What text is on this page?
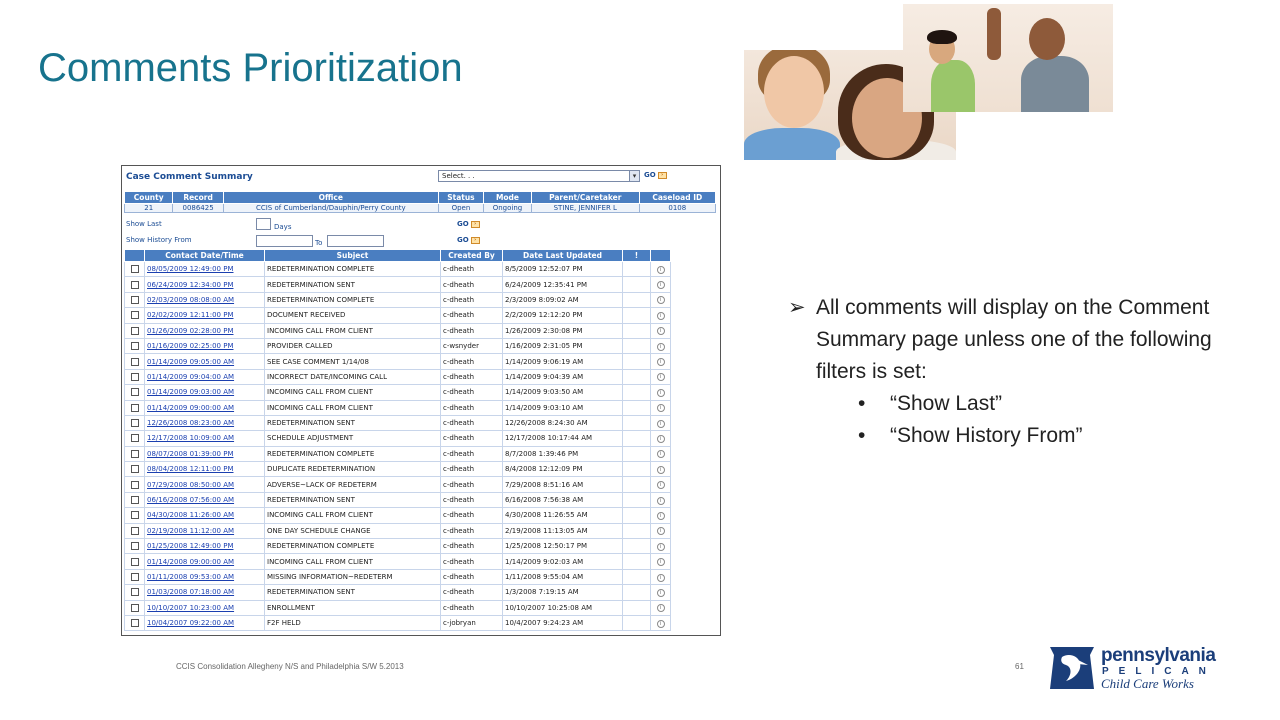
Comments Prioritization
Case Comment Summary	Select. . .	▾	GO ›
County	Record	Office	Status	Mode	Parent/Caretaker	Caseload ID
21	0086425	CCIS of Cumberland/Dauphin/Perry County	Open	Ongoing	STINE, JENNIFER L	0108
Show Last	Days	GO ›
Show History From	To	GO ›
	Contact Date/Time	Subject	Created By	Date Last Updated	!	
	08/05/2009 12:49:00 PM	REDETERMINATION COMPLETE	c-dheath	8/5/2009 12:52:07 PM		i
	06/24/2009 12:34:00 PM	REDETERMINATION SENT	c-dheath	6/24/2009 12:35:41 PM		i
	02/03/2009 08:08:00 AM	REDETERMINATION COMPLETE	c-dheath	2/3/2009 8:09:02 AM		i
	02/02/2009 12:11:00 PM	DOCUMENT RECEIVED	c-dheath	2/2/2009 12:12:20 PM		i
	01/26/2009 02:28:00 PM	INCOMING CALL FROM CLIENT	c-dheath	1/26/2009 2:30:08 PM		i
	01/16/2009 02:25:00 PM	PROVIDER CALLED	c-wsnyder	1/16/2009 2:31:05 PM		i
	01/14/2009 09:05:00 AM	SEE CASE COMMENT 1/14/08	c-dheath	1/14/2009 9:06:19 AM		i
	01/14/2009 09:04:00 AM	INCORRECT DATE/INCOMING CALL	c-dheath	1/14/2009 9:04:39 AM		i
	01/14/2009 09:03:00 AM	INCOMING CALL FROM CLIENT	c-dheath	1/14/2009 9:03:50 AM		i
	01/14/2009 09:00:00 AM	INCOMING CALL FROM CLIENT	c-dheath	1/14/2009 9:03:10 AM		i
	12/26/2008 08:23:00 AM	REDETERMINATION SENT	c-dheath	12/26/2008 8:24:30 AM		i
	12/17/2008 10:09:00 AM	SCHEDULE ADJUSTMENT	c-dheath	12/17/2008 10:17:44 AM		i
	08/07/2008 01:39:00 PM	REDETERMINATION COMPLETE	c-dheath	8/7/2008 1:39:46 PM		i
	08/04/2008 12:11:00 PM	DUPLICATE REDETERMINATION	c-dheath	8/4/2008 12:12:09 PM		i
	07/29/2008 08:50:00 AM	ADVERSE~LACK OF REDETERM	c-dheath	7/29/2008 8:51:16 AM		i
	06/16/2008 07:56:00 AM	REDETERMINATION SENT	c-dheath	6/16/2008 7:56:38 AM		i
	04/30/2008 11:26:00 AM	INCOMING CALL FROM CLIENT	c-dheath	4/30/2008 11:26:55 AM		i
	02/19/2008 11:12:00 AM	ONE DAY SCHEDULE CHANGE	c-dheath	2/19/2008 11:13:05 AM		i
	01/25/2008 12:49:00 PM	REDETERMINATION COMPLETE	c-dheath	1/25/2008 12:50:17 PM		i
	01/14/2008 09:00:00 AM	INCOMING CALL FROM CLIENT	c-dheath	1/14/2009 9:02:03 AM		i
	01/11/2008 09:53:00 AM	MISSING INFORMATION~REDETERM	c-dheath	1/11/2008 9:55:04 AM		i
	01/03/2008 07:18:00 AM	REDETERMINATION SENT	c-dheath	1/3/2008 7:19:15 AM		i
	10/10/2007 10:23:00 AM	ENROLLMENT	c-dheath	10/10/2007 10:25:08 AM		i
	10/04/2007 09:22:00 AM	F2F HELD	c-jobryan	10/4/2007 9:24:23 AM		i
➢ All comments will display on the Comment Summary page unless one of the following filters is set:
• “Show Last”
• “Show History From”
CCIS Consolidation Allegheny N/S and Philadelphia S/W 5.2013	61
pennsylvania
PELICAN
Child Care Works
